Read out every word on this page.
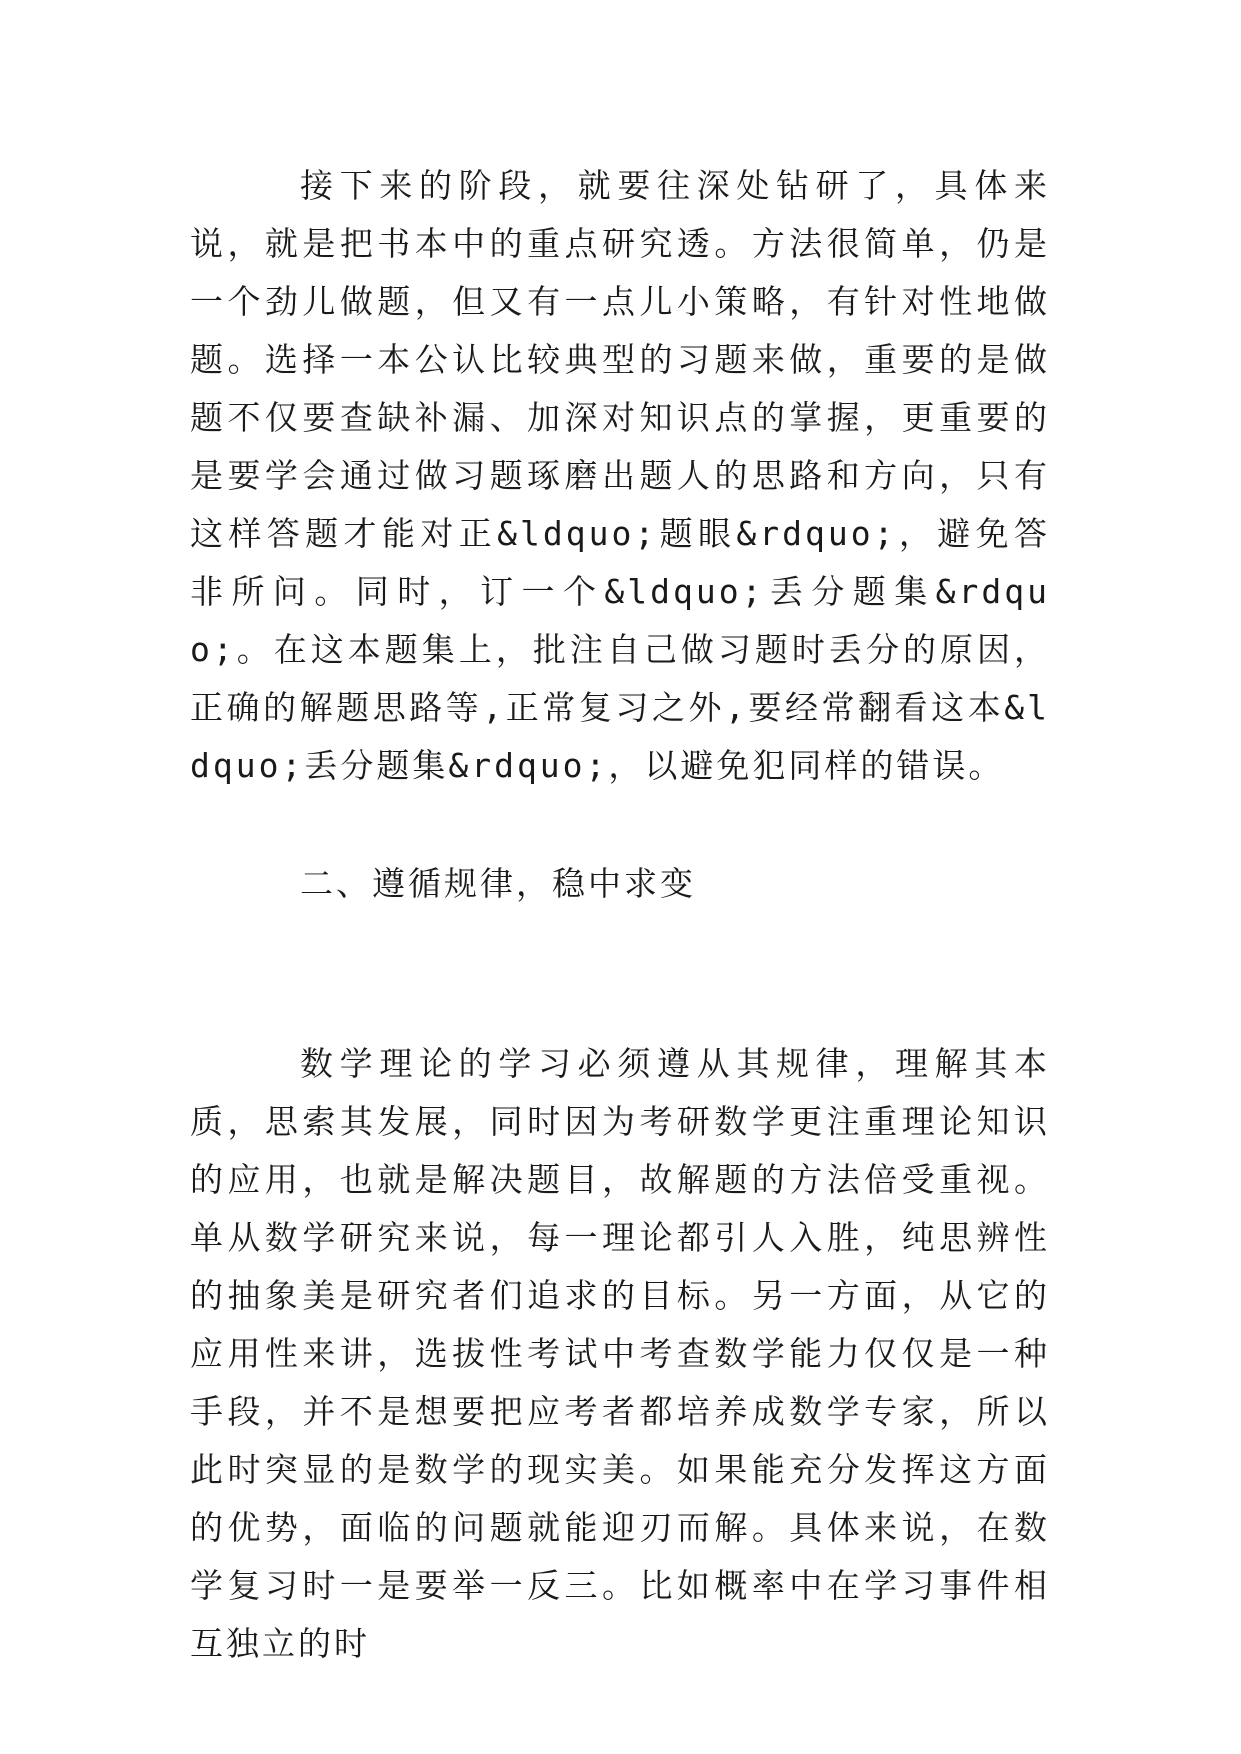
接下来的阶段，就要往深处钻研了，具体来说，就是把书本中的重点研究透。方法很简单，仍是一个劲儿做题，但又有一点儿小策略，有针对性地做题。选择一本公认比较典型的习题来做，重要的是做题不仅要查缺补漏、加深对知识点的掌握，更重要的是要学会通过做习题琢磨出题人的思路和方向，只有这样答题才能对正&ldquo;题眼&rdquo;，避免答非所问。同时，订一个&ldquo;丢分题集&rdquo;。在这本题集上，批注自己做习题时丢分的原因，正确的解题思路等,正常复习之外,要经常翻看这本&ldquo;丢分题集&rdquo;，以避免犯同样的错误。

二、遵循规律，稳中求变

数学理论的学习必须遵从其规律，理解其本质，思索其发展，同时因为考研数学更注重理论知识的应用，也就是解决题目，故解题的方法倍受重视。单从数学研究来说，每一理论都引人入胜，纯思辨性的抽象美是研究者们追求的目标。另一方面，从它的应用性来讲，选拔性考试中考查数学能力仅仅是一种手段，并不是想要把应考者都培养成数学专家，所以此时突显的是数学的现实美。如果能充分发挥这方面的优势，面临的问题就能迎刃而解。具体来说，在数学复习时一是要举一反三。比如概率中在学习事件相互独立的时
